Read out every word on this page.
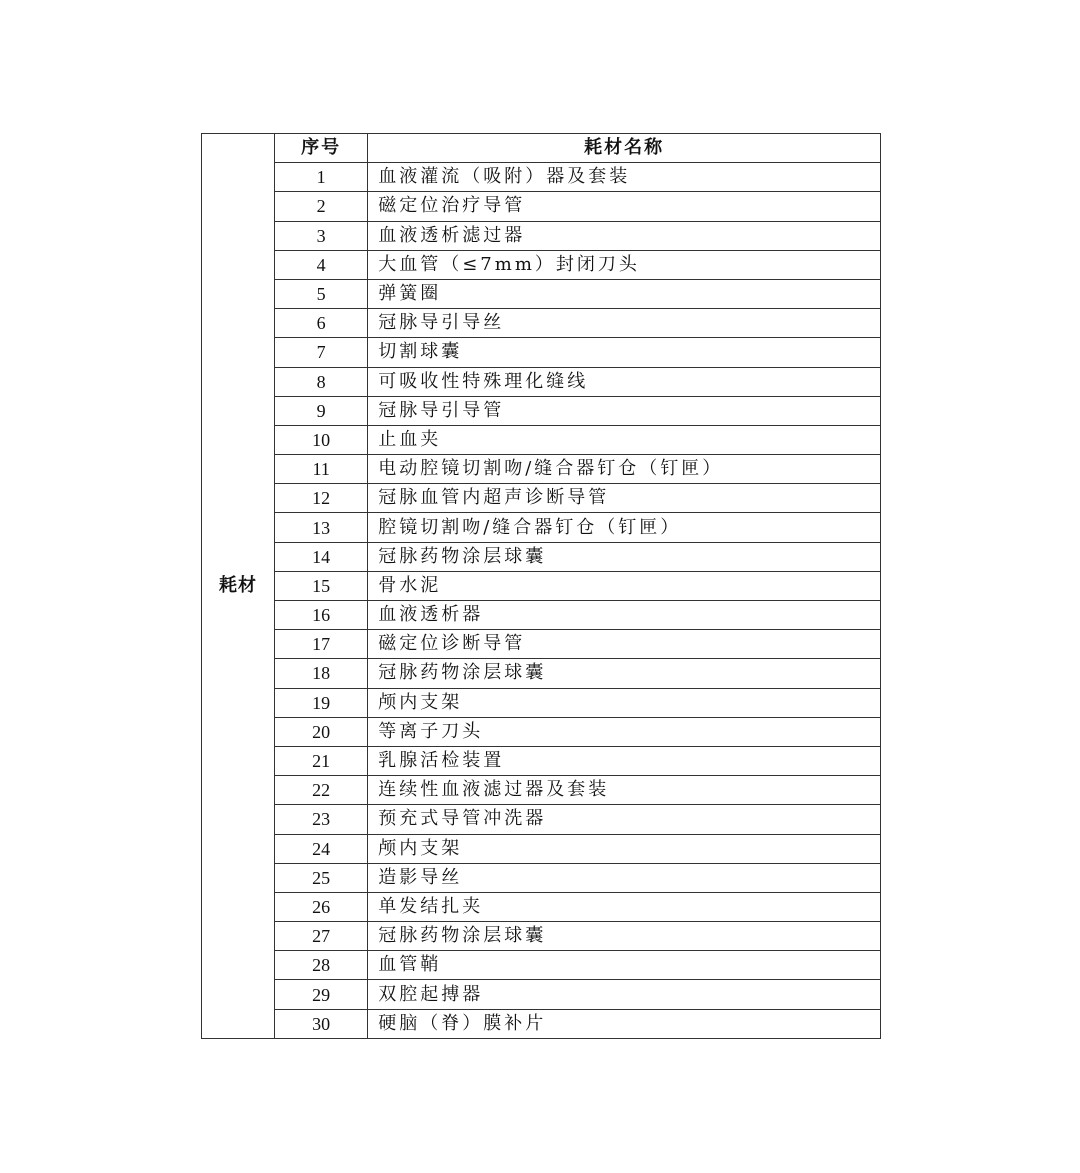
耗材	序号	耗材名称
	1	血液灌流（吸附）器及套装
	2	磁定位治疗导管
	3	血液透析滤过器
	4	大血管（≤7mm）封闭刀头
	5	弹簧圈
	6	冠脉导引导丝
	7	切割球囊
	8	可吸收性特殊理化缝线
	9	冠脉导引导管
	10	止血夹
	11	电动腔镜切割吻/缝合器钉仓（钉匣）
	12	冠脉血管内超声诊断导管
	13	腔镜切割吻/缝合器钉仓（钉匣）
	14	冠脉药物涂层球囊
	15	骨水泥
	16	血液透析器
	17	磁定位诊断导管
	18	冠脉药物涂层球囊
	19	颅内支架
	20	等离子刀头
	21	乳腺活检装置
	22	连续性血液滤过器及套装
	23	预充式导管冲洗器
	24	颅内支架
	25	造影导丝
	26	单发结扎夹
	27	冠脉药物涂层球囊
	28	血管鞘
	29	双腔起搏器
	30	硬脑（脊）膜补片
